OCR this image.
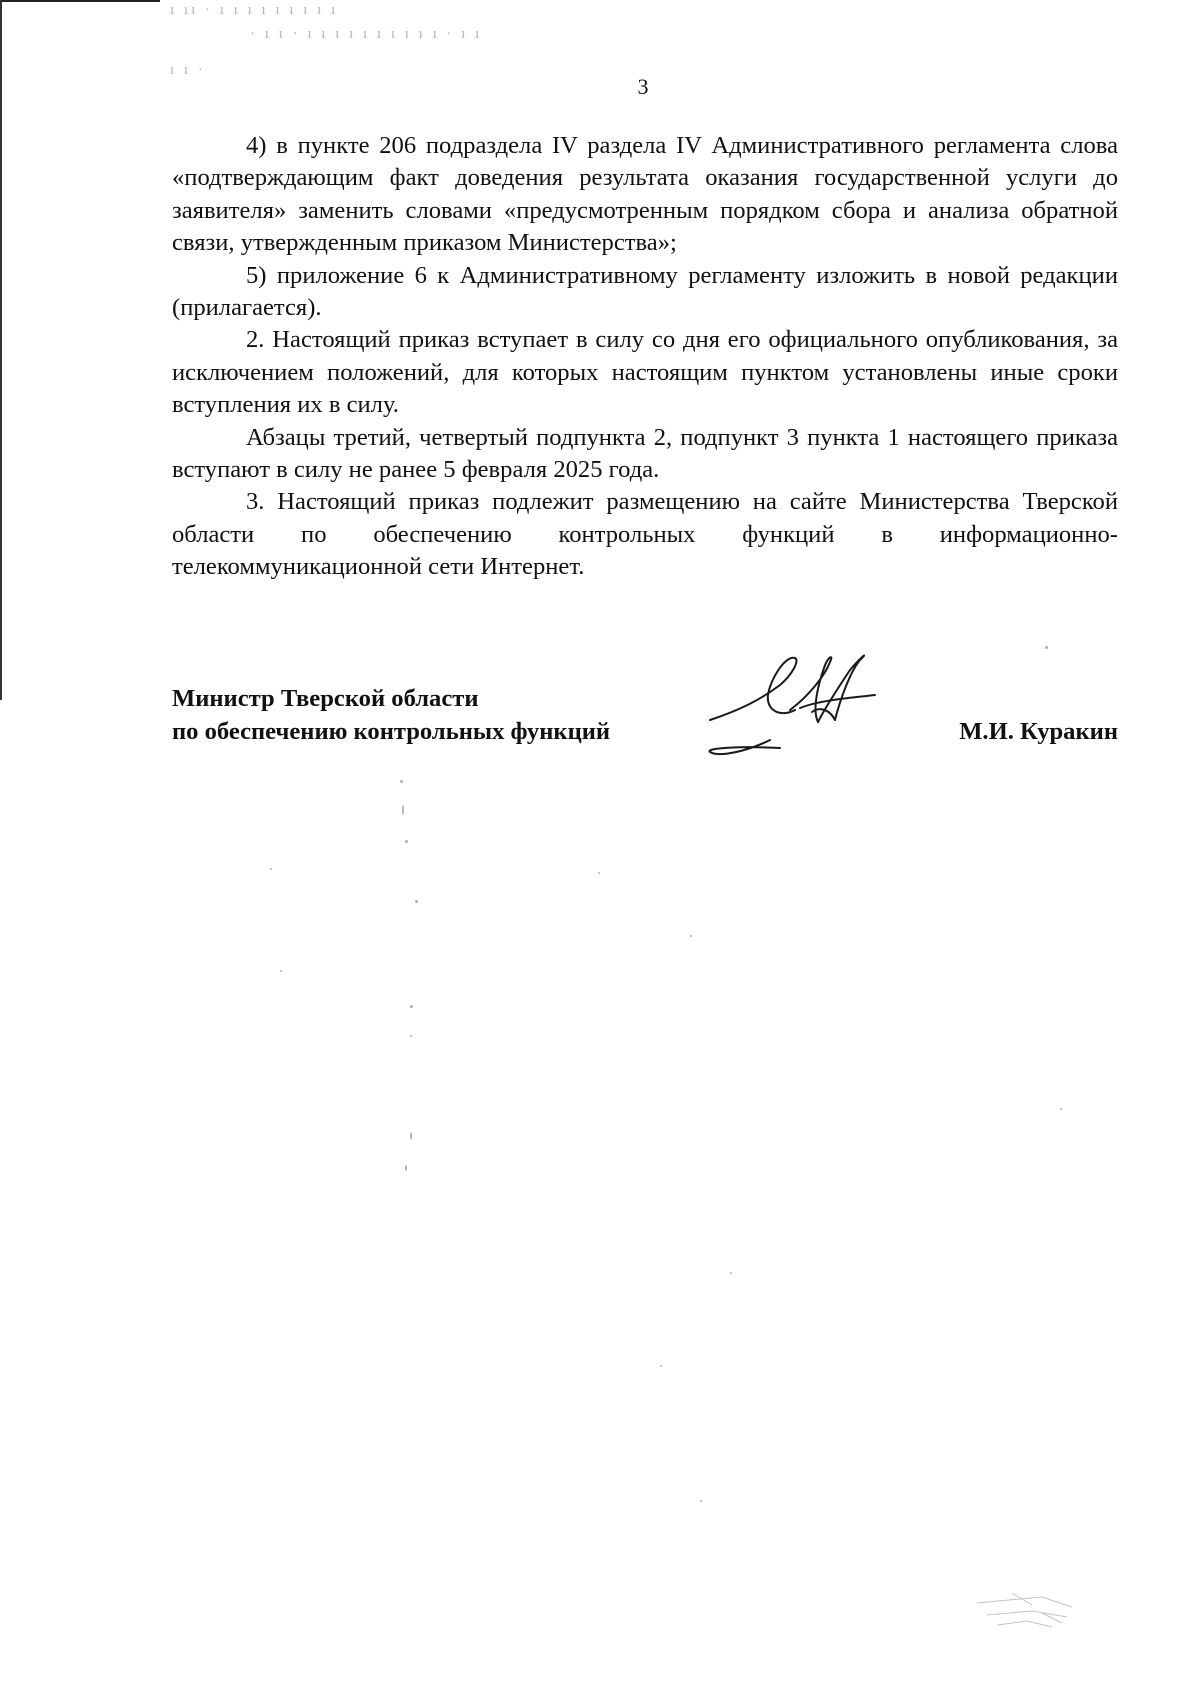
ı ıı · ı ı ı ı ı ı ı ı ı
· ı ı · ı ı ı ı ı ı ı ı ı ı · ı ı
ı ı ·
3

4) в пункте 206 подраздела IV раздела IV Административного регламента слова «подтверждающим факт доведения результата оказания государственной услуги до заявителя» заменить словами «предусмотренным порядком сбора и анализа обратной связи, утвержденным приказом Министерства»;

5) приложение 6 к Административному регламенту изложить в новой редакции (прилагается).

2. Настоящий приказ вступает в силу со дня его официального опубликования, за исключением положений, для которых настоящим пунктом установлены иные сроки вступления их в силу.

Абзацы третий, четвертый подпункта 2, подпункт 3 пункта 1 настоящего приказа вступают в силу не ранее 5 февраля 2025 года.

3. Настоящий приказ подлежит размещению на сайте Министерства Тверской области по обеспечению контрольных функций в информационно-телекоммуникационной сети Интернет.

Министр Тверской области
по обеспечению контрольных функций	М.И. Куракин
